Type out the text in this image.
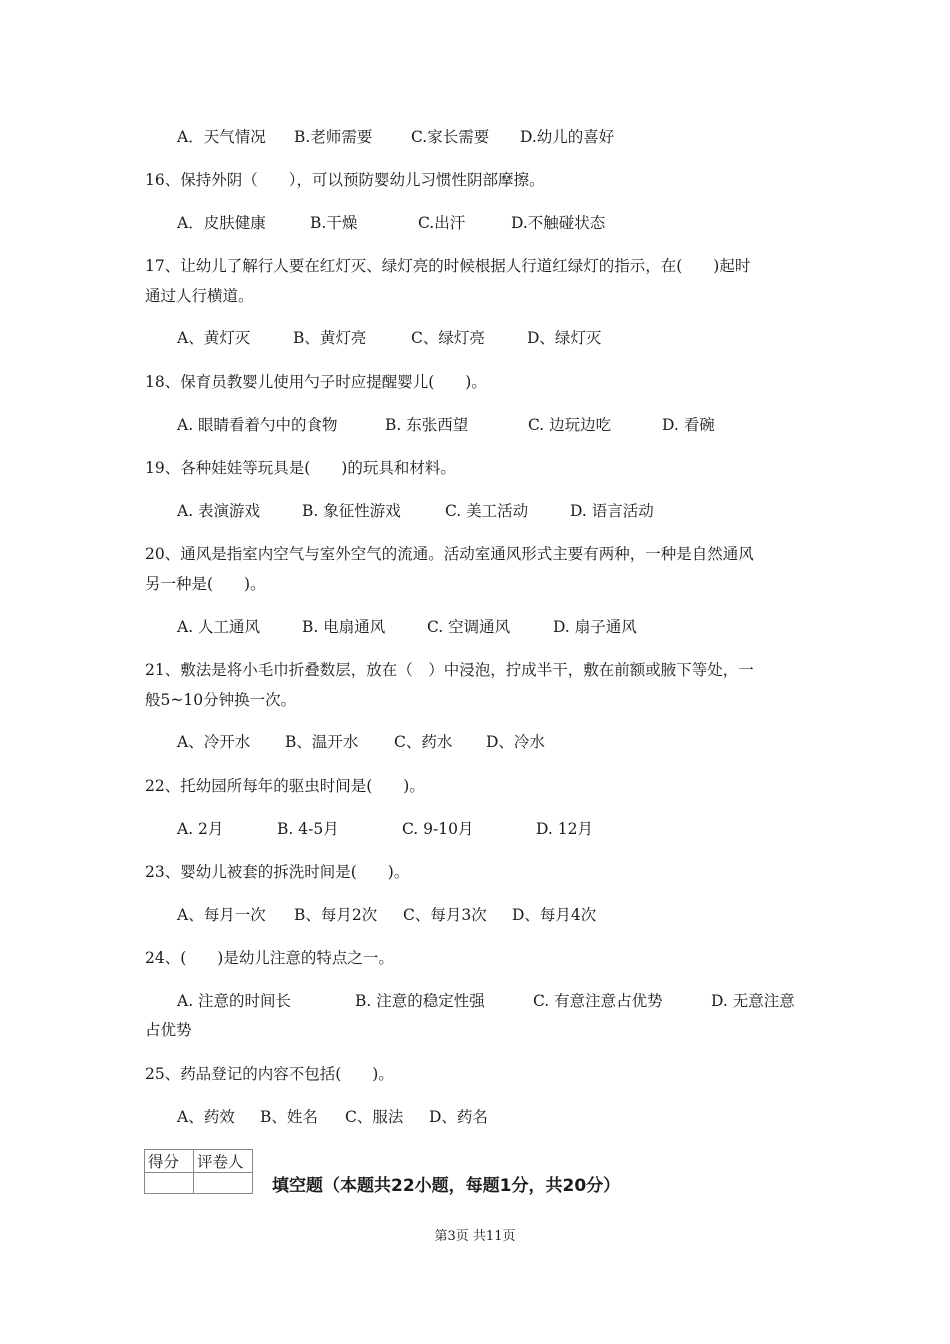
A．天气情况 B.老师需要 C.家长需要 D.幼儿的喜好
16、保持外阴（　　），可以预防婴幼儿习惯性阴部摩擦。
A．皮肤健康	B.干燥	C.出汗	D.不触碰状态
17、让幼儿了解行人要在红灯灭、绿灯亮的时候根据人行道红绿灯的指示，在(　　)起时
通过人行横道。
A、黄灯灭	B、黄灯亮	C、绿灯亮	D、绿灯灭
18、保育员教婴儿使用勺子时应提醒婴儿(　　)。
A. 眼睛看着勺中的食物	B. 东张西望	C. 边玩边吃	D. 看碗
19、各种娃娃等玩具是(　　)的玩具和材料。
A. 表演游戏	B. 象征性游戏	C. 美工活动	D. 语言活动
20、通风是指室内空气与室外空气的流通。活动室通风形式主要有两种，一种是自然通风
另一种是(　　)。
A. 人工通风	B. 电扇通风	C. 空调通风	D. 扇子通风
21、敷法是将小毛巾折叠数层，放在（　）中浸泡，拧成半干，敷在前额或腋下等处，一
般5~10分钟换一次。
A、冷开水 B、温开水 C、药水 D、冷水
22、托幼园所每年的驱虫时间是(　　)。
A. 2月	B. 4-5月	C. 9-10月	D. 12月
23、婴幼儿被套的拆洗时间是(　　)。
A、每月一次 B、每月2次 C、每月3次 D、每月4次
24、(　　)是幼儿注意的特点之一。
A. 注意的时间长	B. 注意的稳定性强	C. 有意注意占优势	D. 无意注意
占优势
25、药品登记的内容不包括(　　)。
A、药效 B、姓名 C、服法 D、药名
得分	评卷人

填空题（本题共22小题，每题1分，共20分）
第3页 共11页
